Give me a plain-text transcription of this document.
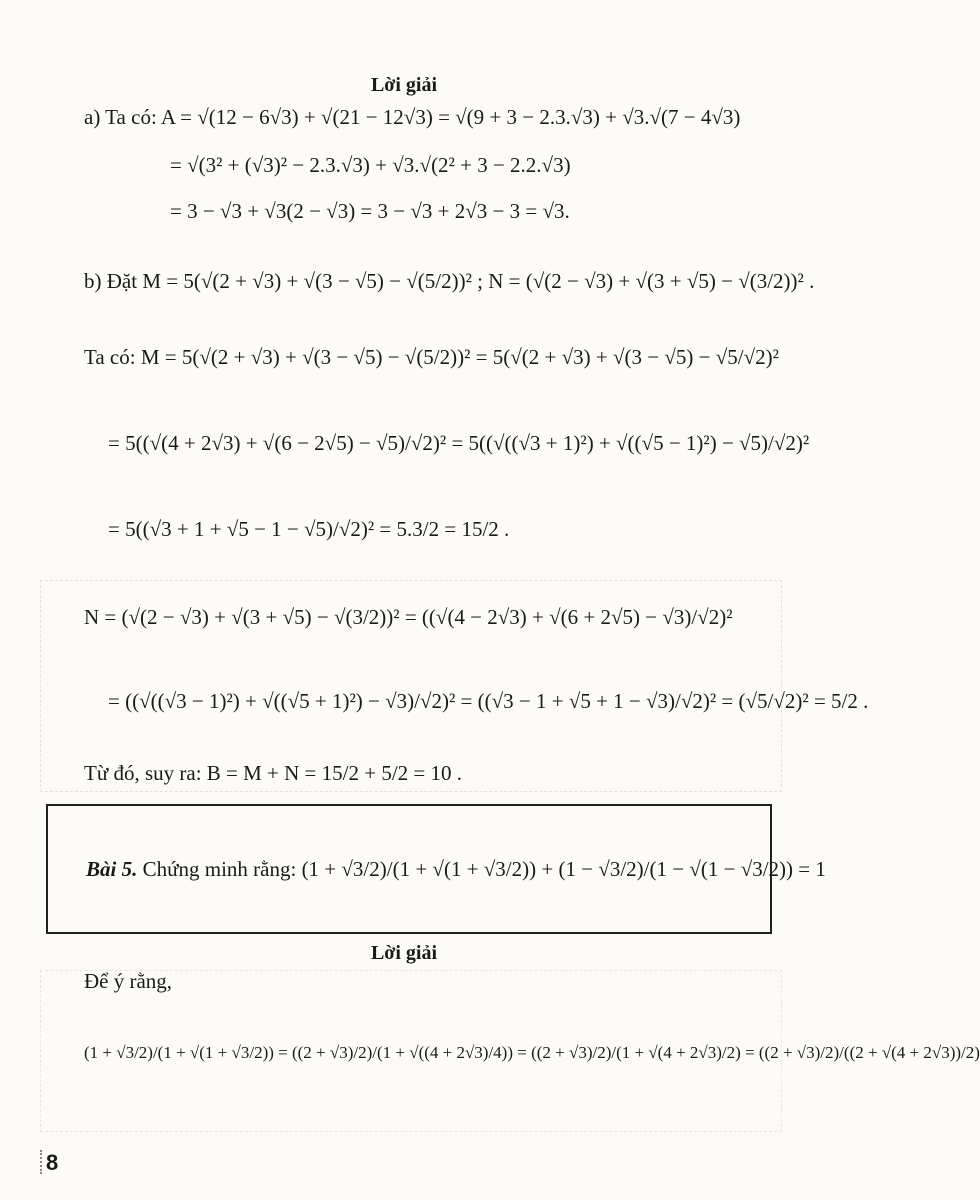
Lời giải
a) Ta có: A = √(12 − 6√3) + √(21 − 12√3) = √(9 + 3 − 2.3.√3) + √3.√(7 − 4√3)
= √(3² + (√3)² − 2.3.√3) + √3.√(2² + 3 − 2.2.√3)
= 3 − √3 + √3(2 − √3) = 3 − √3 + 2√3 − 3 = √3.
b) Đặt M = 5(√(2 + √3) + √(3 − √5) − √(5/2))² ; N = (√(2 − √3) + √(3 + √5) − √(3/2))² .
Ta có: M = 5(√(2 + √3) + √(3 − √5) − √(5/2))² = 5(√(2 + √3) + √(3 − √5) − √5/√2)²
= 5((√(4 + 2√3) + √(6 − 2√5) − √5)/√2)² = 5((√((√3 + 1)²) + √((√5 − 1)²) − √5)/√2)²
= 5((√3 + 1 + √5 − 1 − √5)/√2)² = 5.3/2 = 15/2 .
N = (√(2 − √3) + √(3 + √5) − √(3/2))² = ((√(4 − 2√3) + √(6 + 2√5) − √3)/√2)²
= ((√((√3 − 1)²) + √((√5 + 1)²) − √3)/√2)² = ((√3 − 1 + √5 + 1 − √3)/√2)² = (√5/√2)² = 5/2 .
Từ đó, suy ra: B = M + N = 15/2 + 5/2 = 10 .
Bài 5. Chứng minh rằng: (1 + √3/2)/(1 + √(1 + √3/2)) + (1 − √3/2)/(1 − √(1 − √3/2)) = 1
Lời giải
Để ý rằng,
(1 + √3/2)/(1 + √(1 + √3/2)) = ((2 + √3)/2)/(1 + √((4 + 2√3)/4)) = ((2 + √3)/2)/(1 + √(4 + 2√3)/2) = ((2 + √3)/2)/((2 + √(4 + 2√3))/2)
8
